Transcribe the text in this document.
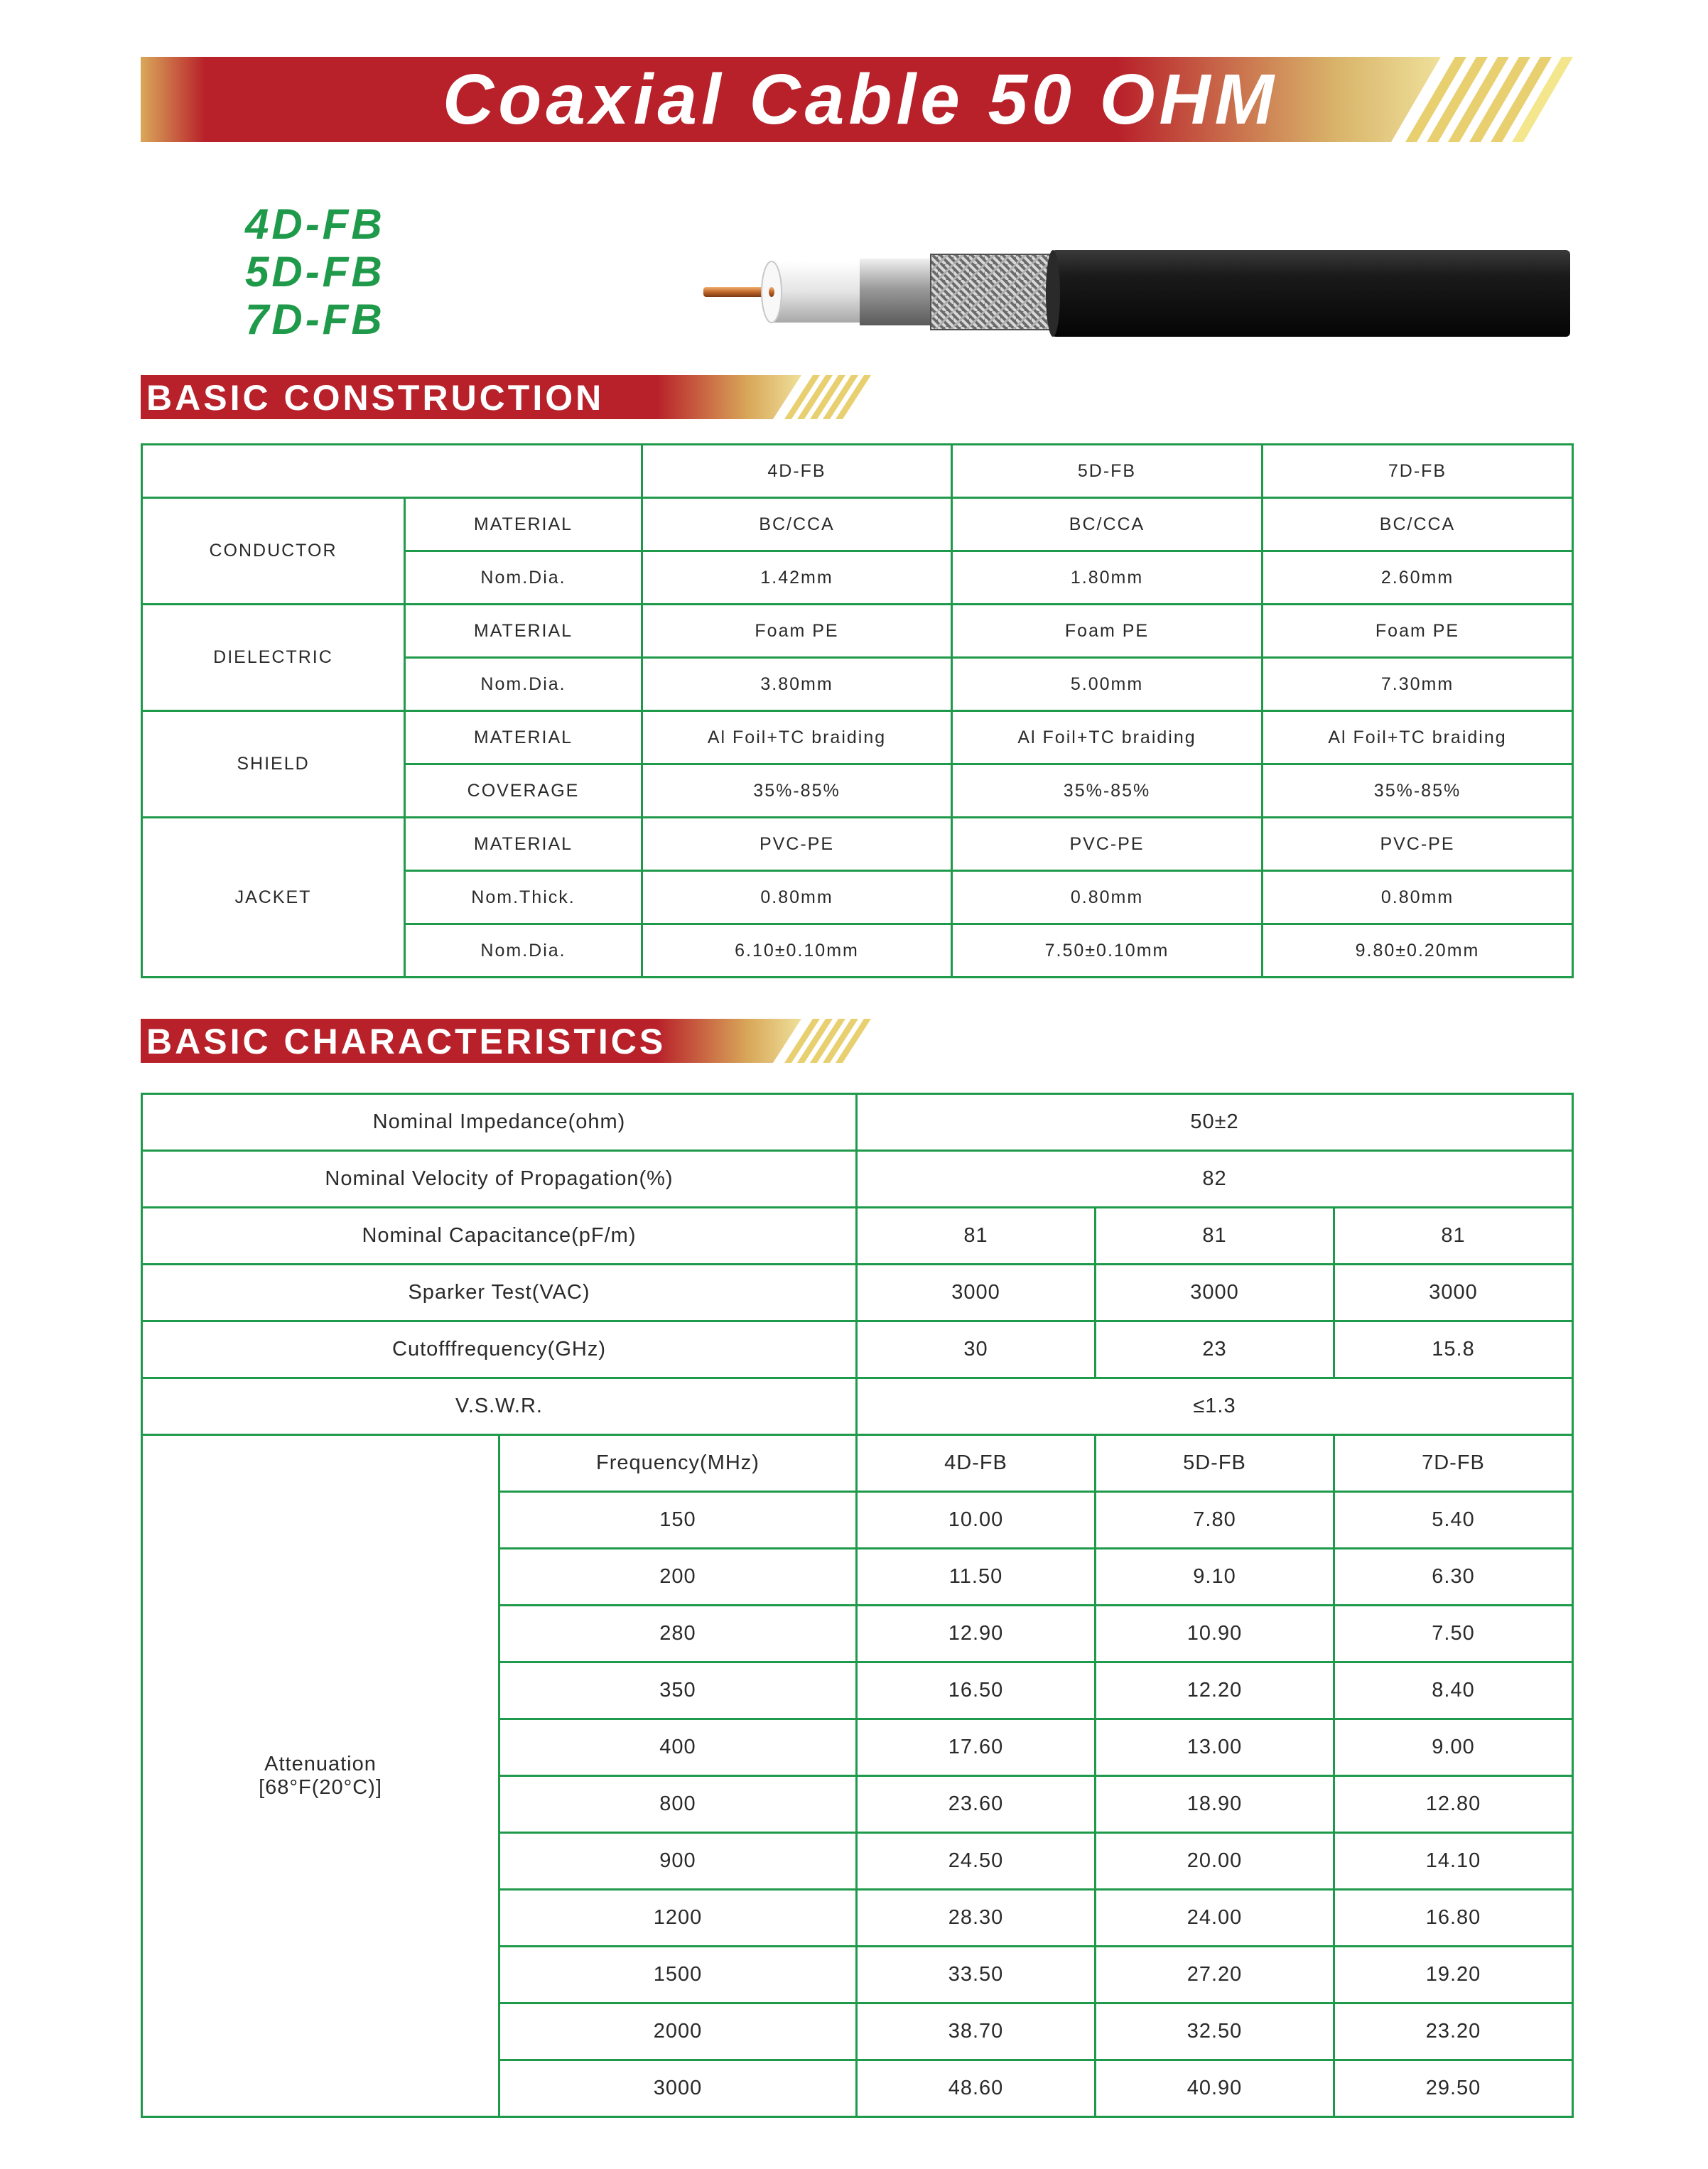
Coaxial Cable 50 OHM
4D-FB
5D-FB
7D-FB
BASIC CONSTRUCTION
		4D-FB	5D-FB	7D-FB
CONDUCTOR	MATERIAL	BC/CCA	BC/CCA	BC/CCA
	Nom.Dia.	1.42mm	1.80mm	2.60mm
DIELECTRIC	MATERIAL	Foam PE	Foam PE	Foam PE
	Nom.Dia.	3.80mm	5.00mm	7.30mm
SHIELD	MATERIAL	Al Foil+TC braiding	Al Foil+TC braiding	Al Foil+TC braiding
	COVERAGE	35%-85%	35%-85%	35%-85%
JACKET	MATERIAL	PVC-PE	PVC-PE	PVC-PE
	Nom.Thick.	0.80mm	0.80mm	0.80mm
	Nom.Dia.	6.10±0.10mm	7.50±0.10mm	9.80±0.20mm
BASIC CHARACTERISTICS
Nominal Impedance(ohm)		50±2		
Nominal Velocity of Propagation(%)		82		
Nominal Capacitance(pF/m)		81	81	81
Sparker Test(VAC)		3000	3000	3000
Cutofffrequency(GHz)		30	23	15.8
V.S.W.R.		≤1.3		

Attenuation
[68°F(20°C)]	Frequency(MHz)	4D-FB	5D-FB	7D-FB
	150	10.00	7.80	5.40
	200	11.50	9.10	6.30
	280	12.90	10.90	7.50
	350	16.50	12.20	8.40
	400	17.60	13.00	9.00
	800	23.60	18.90	12.80
	900	24.50	20.00	14.10
	1200	28.30	24.00	16.80
	1500	33.50	27.20	19.20
	2000	38.70	32.50	23.20
	3000	48.60	40.90	29.50
